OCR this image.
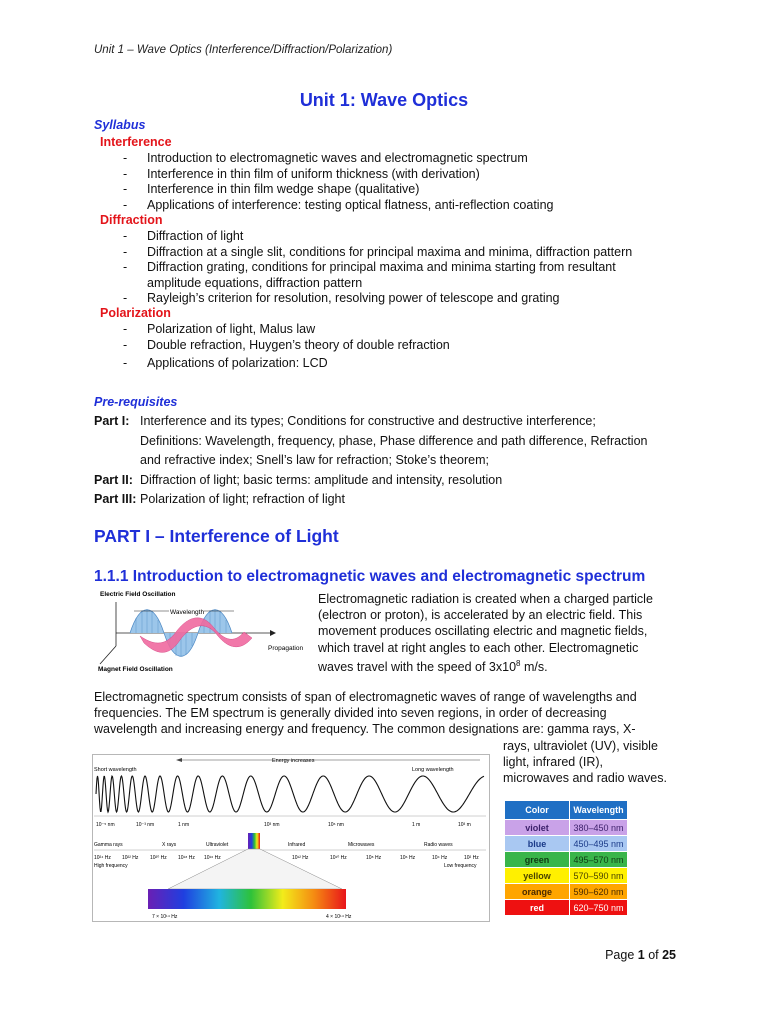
Unit 1 – Wave Optics (Interference/Diffraction/Polarization)
Unit 1: Wave Optics
Syllabus
Interference
- Introduction to electromagnetic waves and electromagnetic spectrum
- Interference in thin film of uniform thickness (with derivation)
- Interference in thin film wedge shape (qualitative)
- Applications of interference: testing optical flatness, anti-reflection coating
Diffraction
- Diffraction of light
- Diffraction at a single slit, conditions for principal maxima and minima, diffraction pattern
- Diffraction grating, conditions for principal maxima and minima starting from resultant
amplitude equations, diffraction pattern
- Rayleigh’s criterion for resolution, resolving power of telescope and grating
Polarization
- Polarization of light, Malus law
- Double refraction, Huygen’s theory of double refraction
- Applications of polarization: LCD
Pre-requisites
Part I: Interference and its types; Conditions for constructive and destructive interference;
Definitions: Wavelength, frequency, phase, Phase difference and path difference, Refraction
and refractive index; Snell’s law for refraction; Stoke’s theorem;
Part II: Diffraction of light; basic terms: amplitude and intensity, resolution
Part III: Polarization of light; refraction of light
PART I – Interference of Light
1.1.1 Introduction to electromagnetic waves and electromagnetic spectrum
Electric Field Oscillation
Wavelength
Propagation
Magnet Field Oscillation
Electromagnetic radiation is created when a charged particle
(electron or proton), is accelerated by an electric field. This
movement produces oscillating electric and magnetic fields,
which travel at right angles to each other. Electromagnetic
waves travel with the speed of $3x10^8$ m/s.
Electromagnetic spectrum consists of span of electromagnetic waves of range of wavelengths and
frequencies. The EM spectrum is generally divided into seven regions, in order of decreasing
wavelength and increasing energy and frequency. The common designations are: gamma rays, X-
rays, ultraviolet (UV), visible
light, infrared (IR),
microwaves and radio waves.
Energy increases
Short wavelength	Long wavelength
10⁻⁵ nm	10⁻³ nm	1 nm	10³ nm	10⁶ nm	1 m	10³ m
Gamma rays	X rays	Ultraviolet	Infrared	Microwaves	Radio waves
10²⁴ Hz 10²² Hz 10²⁰ Hz 10¹⁸ Hz 10¹⁶ Hz	10¹² Hz	10¹⁰ Hz	10⁸ Hz	10⁶ Hz	10⁴ Hz	10² Hz
High frequency	Low frequency
7 × 10¹⁴ Hz	4 × 10¹⁴ Hz
Color	Wavelength
violet	380–450 nm
blue	450–495 nm
green	495–570 nm
yellow	570–590 nm
orange	590–620 nm
red	620–750 nm
Page 1 of 25
